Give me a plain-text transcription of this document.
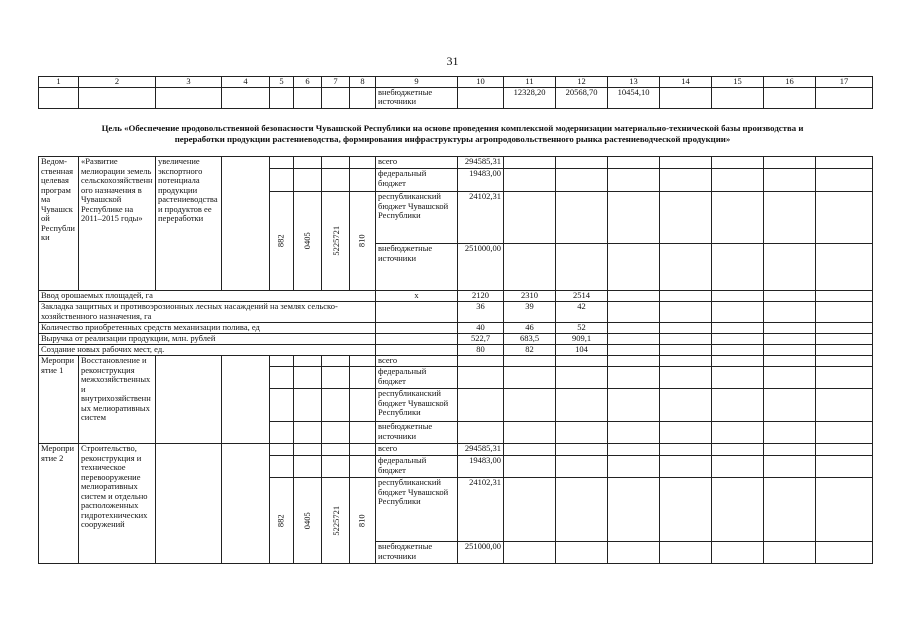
31
1	2	3	4	5	6	7	8	9	10	11	12	13	14	15	16	17
								внебюджетные источники		12328,20	20568,70	10454,10				
Цель «Обеспечение продовольственной безопасности Чувашской Республики на основе проведения комплексной модернизации материально-технической базы производства и
переработки продукции растениеводства, формирования инфраструктуры агропродовольственного рынка растениеводческой продукции»
Ведом-ственная целевая программа Чувашской Республики	«Развитие мелиорации земель сельскохозяйственного назначения в Чувашской Республике на 2011–2015 годы»	увеличение экспортного потенциала продукции растениеводства и продуктов ее переработки						всего	294585,31							
								федеральный бюджет	19483,00							
				882	0405	5225721	810	республиканский бюджет Чувашской Республики	24102,31							
								внебюджетные источники	251000,00							
Ввод орошаемых площадей, га								х	2120	2310	2514					
Закладка защитных и противоэрозионных лесных насаждений на землях сельско-хозяйственного назначения, га									36	39	42					
Количество приобретенных средств механизации полива, ед									40	46	52					
Выручка от реализации продукции, млн. рублей									522,7	683,5	909,1					
Создание новых рабочих мест, ед.									80	82	104					
Мероприятие 1	Восстановление и реконструкция межхозяйственных и внутрихозяйственных мелиоративных систем							всего								
								федеральный бюджет								
								республиканский бюджет Чувашской Республики								
								внебюджетные источники								
Мероприятие 2	Строительство, реконструкция и техническое перевооружение мелиоративных систем и отдельно расположенных гидротехнических сооружений							всего	294585,31							
								федеральный бюджет	19483,00							
				882	0405	5225721	810	республиканский бюджет Чувашской Республики	24102,31							
								внебюджетные источники	251000,00							
